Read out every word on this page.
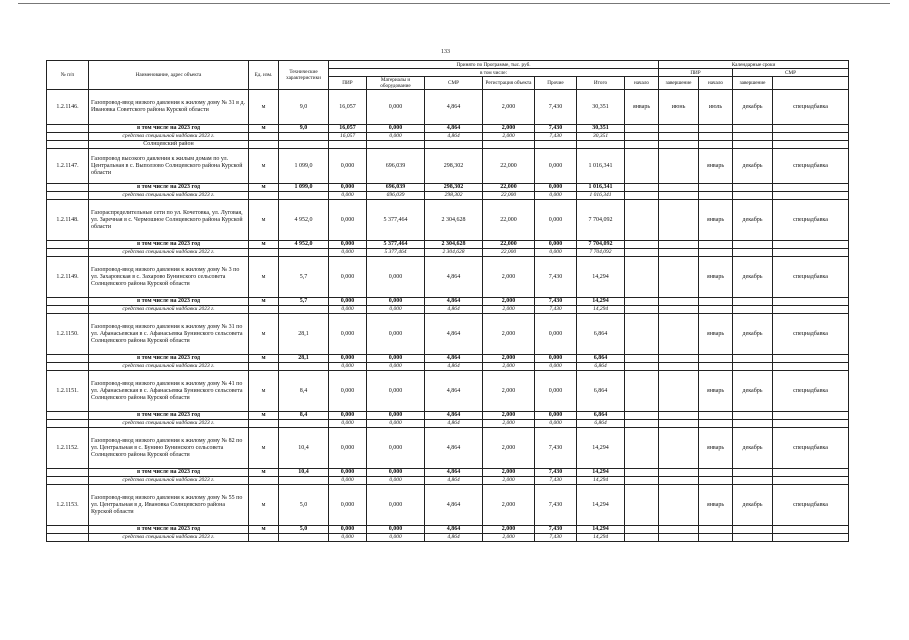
133
№ п/п	Наименование, адрес объекта	Ед. изм.	Технические характеристики	Принято по Программе, тыс. руб.							Календарные сроки	
				в том числе:							ПИР		СМР		
				ПИР	Материалы и оборудование	СМР	Регистрация объекта	Прочие	Итого	начало	завершение	начало	завершение		
1.2.1146.	Газопровод-ввод низкого давления к жилому дому № 31 в д. Ивановка Советского района Курской области	м	9,0	16,057	0,000	4,864	2,000	7,430	30,351	январь	июнь	июль	декабрь	спецнадбавка	
	в том числе на 2023 год	м	9,0	16,057	0,000	4,864	2,000	7,430	30,351						
	средства специальной надбавки 2023 г.			16,057	0,000	4,864	2,000	7,430	30,351						
	Солнцевский район														
1.2.1147.	Газопровод высокого давления к жилым домам по ул. Центральная в с. Выползово Солнцевского района Курской области	м	1 099,0	0,000	696,039	298,302	22,000	0,000	1 016,341			январь	декабрь	спецнадбавка	
	в том числе на 2023 год	м	1 099,0	0,000	696,039	298,302	22,000	0,000	1 016,341						
	средства специальной надбавки 2023 г.			0,000	696,039	298,302	22,000	0,000	1 016,341						
1.2.1148.	Газораспределительные сети по ул. Кочетовка, ул. Луговая, ул. Заречная в с. Чермошное Солнцевского района Курской области	м	4 952,0	0,000	5 377,464	2 304,628	22,000	0,000	7 704,092			январь	декабрь	спецнадбавка	
	в том числе на 2023 год	м	4 952,0	0,000	5 377,464	2 304,628	22,000	0,000	7 704,092						
	средства специальной надбавки 2022 г.			0,000	5 377,464	2 304,628	22,000	0,000	7 704,092						
1.2.1149.	Газопровод-ввод низкого давления к жилому дому № 3 по ул. Захаровская в с. Захарово Бунинского сельсовета Солнцевского района Курской области	м	5,7	0,000	0,000	4,864	2,000	7,430	14,294			январь	декабрь	спецнадбавка	
	в том числе на 2023 год	м	5,7	0,000	0,000	4,864	2,000	7,430	14,294						
	средства специальной надбавки 2023 г.			0,000	0,000	4,864	2,000	7,430	14,294						
1.2.1150.	Газопровод-ввод низкого давления к жилому дому № 31 по ул. Афанасьевская в с. Афанасьевка Бунинского сельсовета Солнцевского района Курской области	м	28,1	0,000	0,000	4,864	2,000	0,000	6,864			январь	декабрь	спецнадбавка	
	в том числе на 2023 год	м	28,1	0,000	0,000	4,864	2,000	0,000	6,864						
	средства специальной надбавки 2023 г.			0,000	0,000	4,864	2,000	0,000	6,864						
1.2.1151.	Газопровод-ввод низкого давления к жилому дому № 41 по ул. Афанасьевская в с. Афанасьевка Бунинского сельсовета Солнцевского района Курской области	м	8,4	0,000	0,000	4,864	2,000	0,000	6,864			январь	декабрь	спецнадбавка	
	в том числе на 2023 год	м	8,4	0,000	0,000	4,864	2,000	0,000	6,864						
	средства специальной надбавки 2023 г.			0,000	0,000	4,864	2,000	0,000	6,864						
1.2.1152.	Газопровод-ввод низкого давления к жилому дому № 82 по ул. Центральная в с. Бунино Бунинского сельсовета Солнцевского района Курской области	м	10,4	0,000	0,000	4,864	2,000	7,430	14,294			январь	декабрь	спецнадбавка	
	в том числе на 2023 год	м	10,4	0,000	0,000	4,864	2,000	7,430	14,294						
	средства специальной надбавки 2023 г.			0,000	0,000	4,864	2,000	7,430	14,294						
1.2.1153.	Газопровод-ввод низкого давления к жилому дому № 55 по ул. Центральная в д. Ивановка Солнцевского района Курской области	м	5,0	0,000	0,000	4,864	2,000	7,430	14,294			январь	декабрь	спецнадбавка	
	в том числе на 2023 год	м	5,0	0,000	0,000	4,864	2,000	7,430	14,294						
	средства специальной надбавки 2023 г.			0,000	0,000	4,864	2,000	7,430	14,294						
